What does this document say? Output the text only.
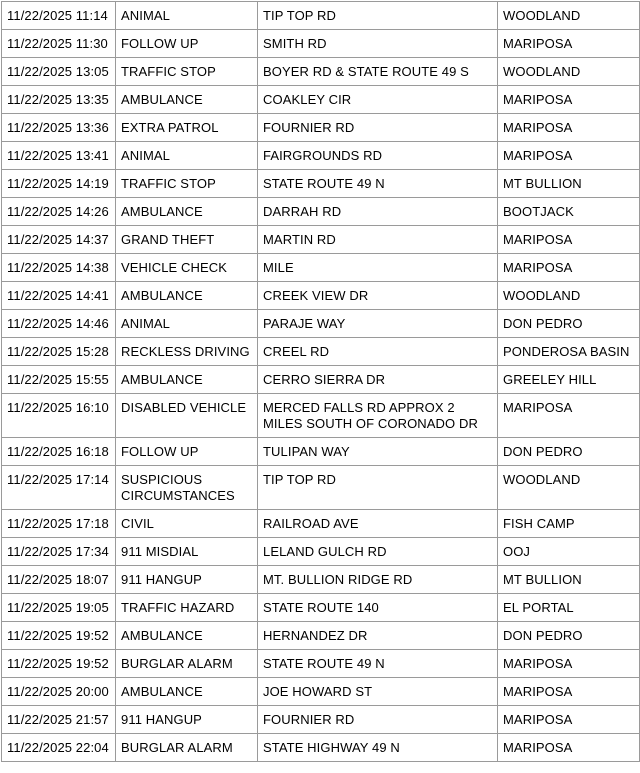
11/22/2025 11:14	ANIMAL	TIP TOP RD	WOODLAND
11/22/2025 11:30	FOLLOW UP	SMITH RD	MARIPOSA
11/22/2025 13:05	TRAFFIC STOP	BOYER RD & STATE ROUTE 49 S	WOODLAND
11/22/2025 13:35	AMBULANCE	COAKLEY CIR	MARIPOSA
11/22/2025 13:36	EXTRA PATROL	FOURNIER RD	MARIPOSA
11/22/2025 13:41	ANIMAL	FAIRGROUNDS RD	MARIPOSA
11/22/2025 14:19	TRAFFIC STOP	STATE ROUTE 49 N	MT BULLION
11/22/2025 14:26	AMBULANCE	DARRAH RD	BOOTJACK
11/22/2025 14:37	GRAND THEFT	MARTIN RD	MARIPOSA
11/22/2025 14:38	VEHICLE CHECK	MILE	MARIPOSA
11/22/2025 14:41	AMBULANCE	CREEK VIEW DR	WOODLAND
11/22/2025 14:46	ANIMAL	PARAJE WAY	DON PEDRO
11/22/2025 15:28	RECKLESS DRIVING	CREEL RD	PONDEROSA BASIN
11/22/2025 15:55	AMBULANCE	CERRO SIERRA DR	GREELEY HILL
11/22/2025 16:10	DISABLED VEHICLE	MERCED FALLS RD APPROX 2 MILES SOUTH OF CORONADO DR	MARIPOSA
11/22/2025 16:18	FOLLOW UP	TULIPAN WAY	DON PEDRO
11/22/2025 17:14	SUSPICIOUS CIRCUMSTANCES	TIP TOP RD	WOODLAND
11/22/2025 17:18	CIVIL	RAILROAD AVE	FISH CAMP
11/22/2025 17:34	911 MISDIAL	LELAND GULCH RD	OOJ
11/22/2025 18:07	911 HANGUP	MT. BULLION RIDGE RD	MT BULLION
11/22/2025 19:05	TRAFFIC HAZARD	STATE ROUTE 140	EL PORTAL
11/22/2025 19:52	AMBULANCE	HERNANDEZ DR	DON PEDRO
11/22/2025 19:52	BURGLAR ALARM	STATE ROUTE 49 N	MARIPOSA
11/22/2025 20:00	AMBULANCE	JOE HOWARD ST	MARIPOSA
11/22/2025 21:57	911 HANGUP	FOURNIER RD	MARIPOSA
11/22/2025 22:04	BURGLAR ALARM	STATE HIGHWAY 49 N	MARIPOSA
